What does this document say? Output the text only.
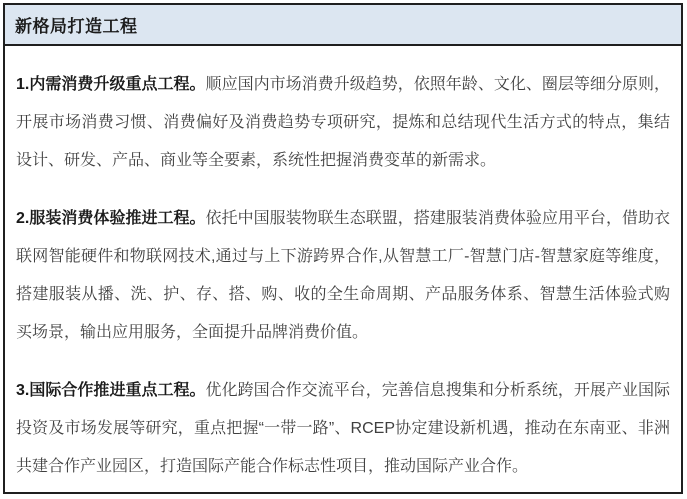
新格局打造工程

1.内需消费升级重点工程。顺应国内市场消费升级趋势，依照年龄、文化、圈层等细分原则，开展市场消费习惯、消费偏好及消费趋势专项研究，提炼和总结现代生活方式的特点，集结设计、研发、产品、商业等全要素，系统性把握消费变革的新需求。

2.服装消费体验推进工程。依托中国服装物联生态联盟，搭建服装消费体验应用平台，借助衣联网智能硬件和物联网技术,通过与上下游跨界合作,从智慧工厂-智慧门店-智慧家庭等维度，搭建服装从播、洗、护、存、搭、购、收的全生命周期、产品服务体系、智慧生活体验式购买场景，输出应用服务，全面提升品牌消费价值。

3.国际合作推进重点工程。优化跨国合作交流平台，完善信息搜集和分析系统，开展产业国际投资及市场发展等研究，重点把握“一带一路”、RCEP协定建设新机遇，推动在东南亚、非洲共建合作产业园区，打造国际产能合作标志性项目，推动国际产业合作。
